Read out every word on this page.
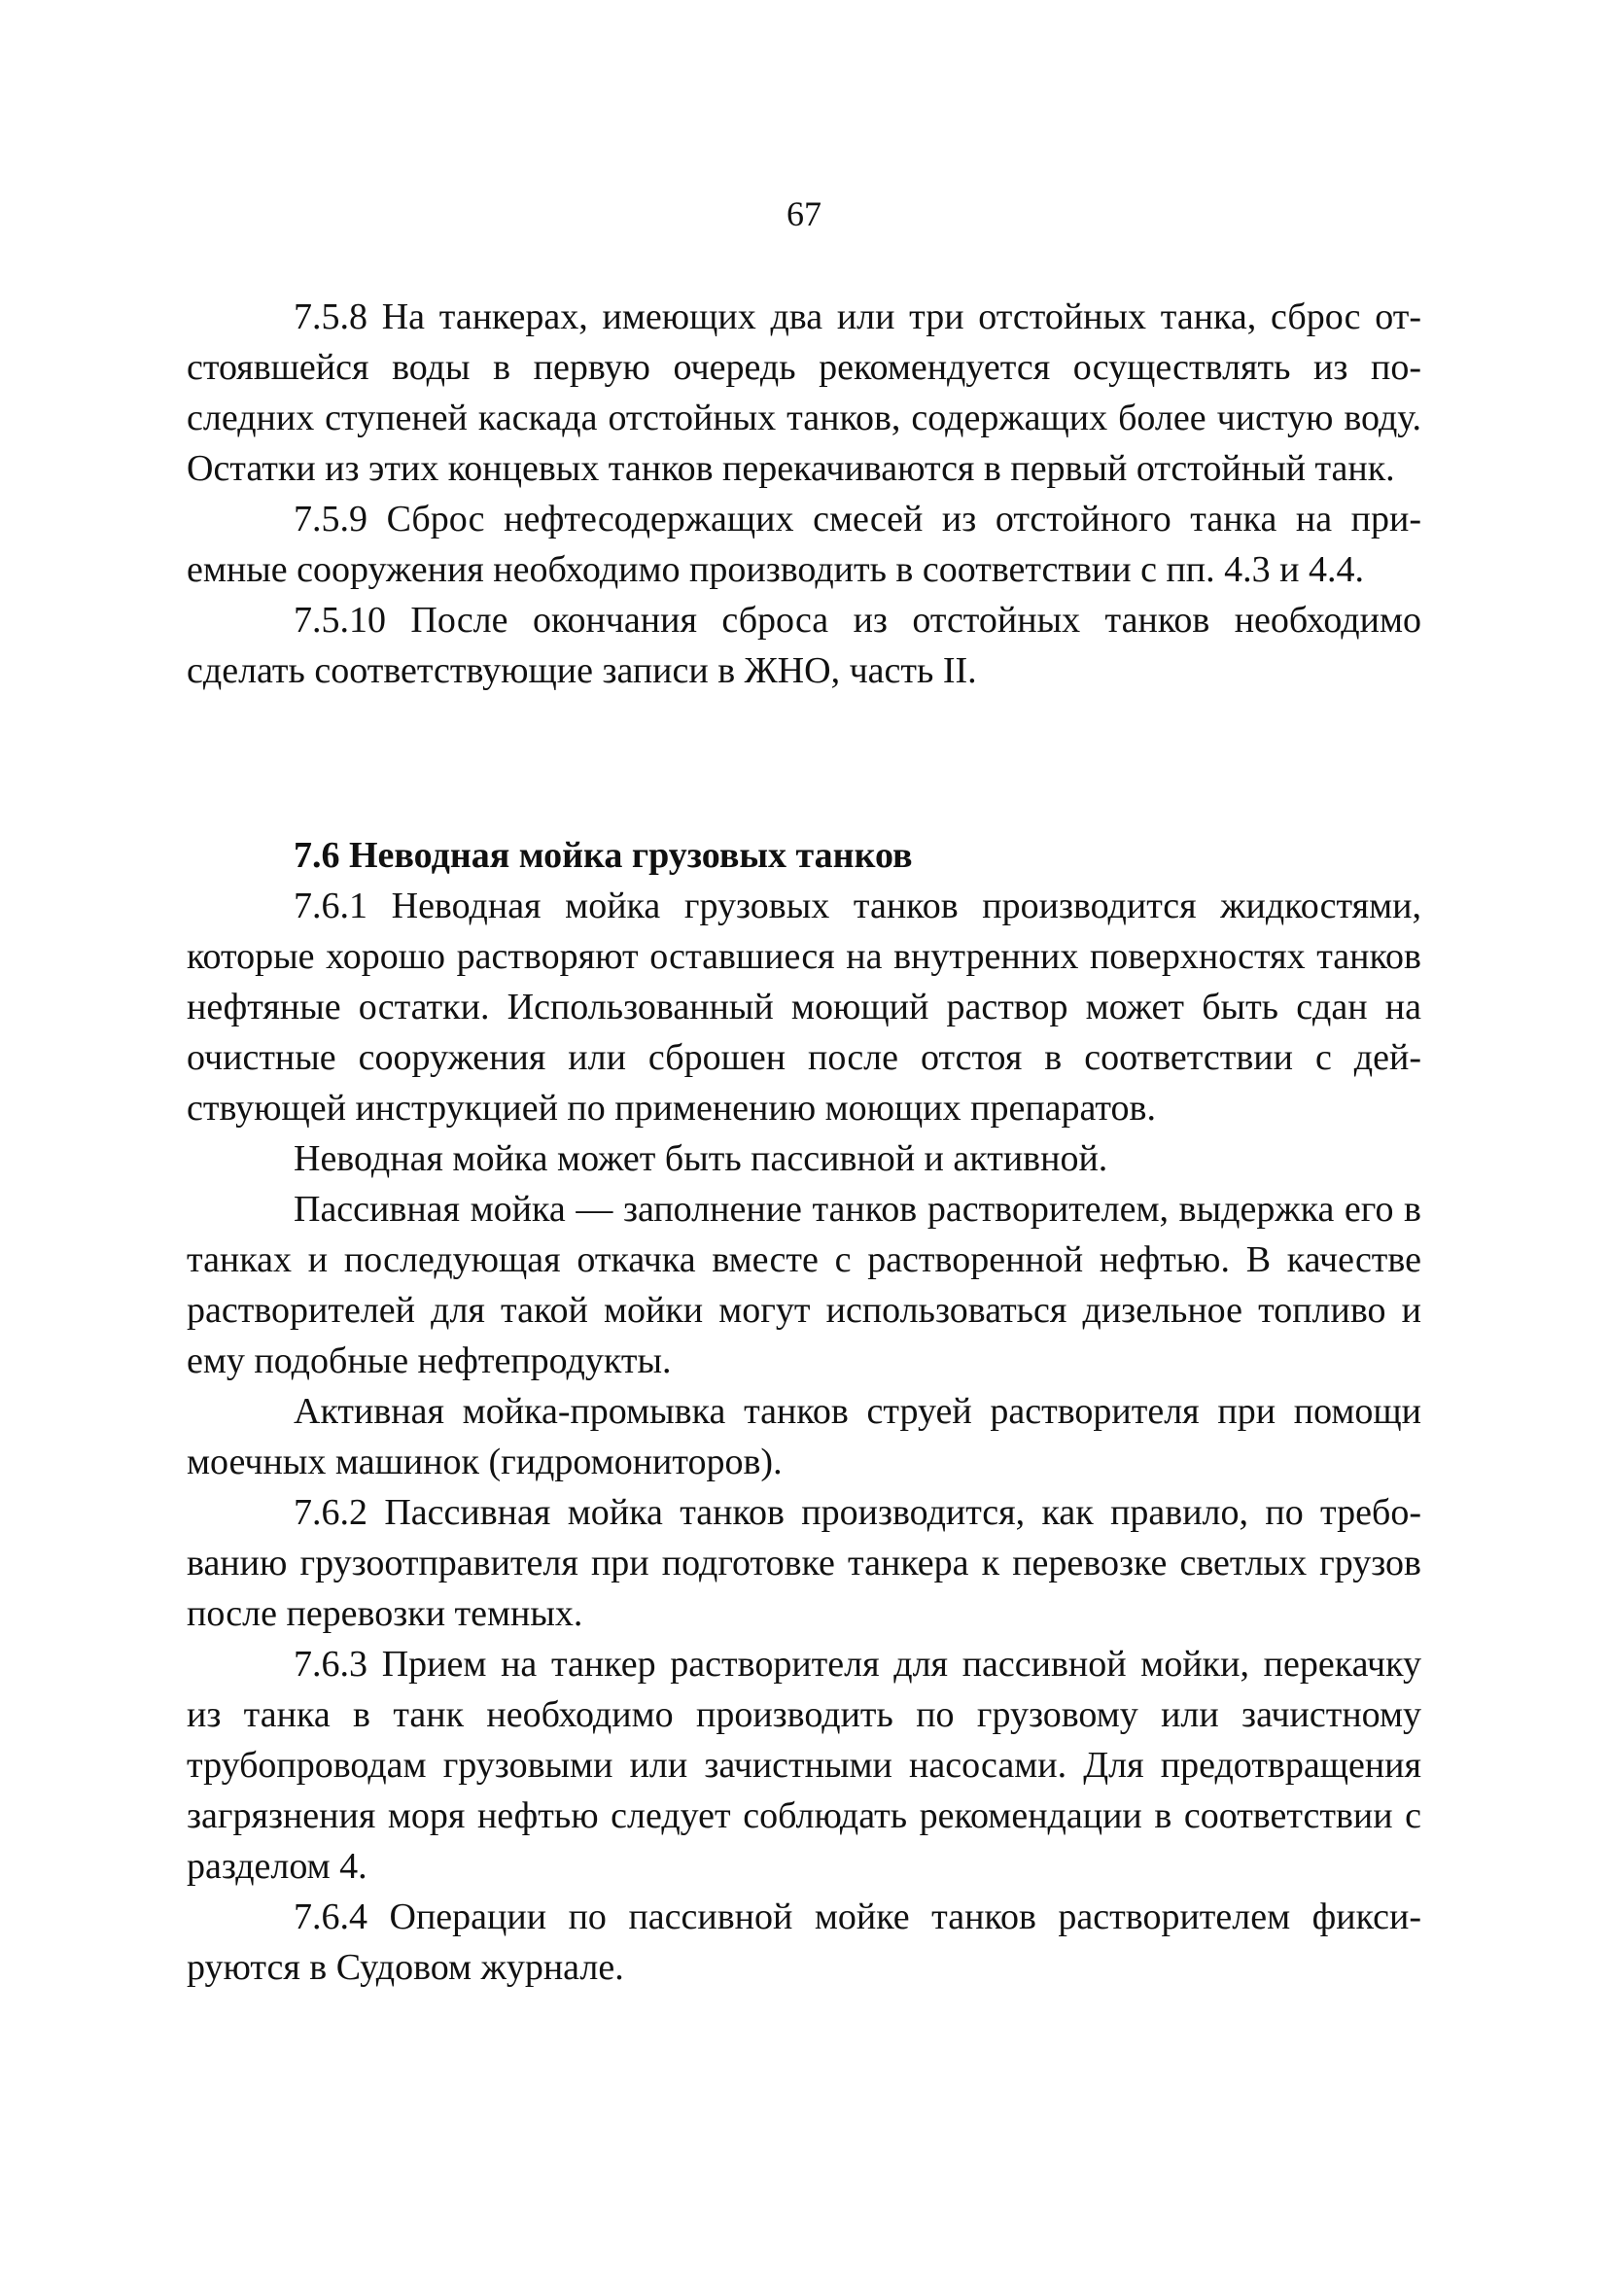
67

7.5.8 На танкерах, имеющих два или три отстойных танка, сброс отстоявшейся воды в первую очередь рекомендуется осуществлять из последних ступеней каскада отстойных танков, содержащих более чистую воду. Остатки из этих концевых танков перекачиваются в первый отстойный танк.

7.5.9 Сброс нефтесодержащих смесей из отстойного танка на приемные сооружения необходимо производить в соответствии с пп. 4.3 и 4.4.

7.5.10 После окончания сброса из отстойных танков необходимо сделать соответствующие записи в ЖНО, часть II.

7.6 Неводная мойка грузовых танков

7.6.1 Неводная мойка грузовых танков производится жидкостями, которые хорошо растворяют оставшиеся на внутренних поверхностях танков нефтяные остатки. Использованный моющий раствор может быть сдан на очистные сооружения или сброшен после отстоя в соответствии с действующей инструкцией по применению моющих препаратов.

Неводная мойка может быть пассивной и активной.

Пассивная мойка — заполнение танков растворителем, выдержка его в танках и последующая откачка вместе с растворенной нефтью. В качестве растворителей для такой мойки могут использоваться дизельное топливо и ему подобные нефтепродукты.

Активная мойка-промывка танков струей растворителя при помощи моечных машинок (гидромониторов).

7.6.2 Пассивная мойка танков производится, как правило, по требованию грузоотправителя при подготовке танкера к перевозке светлых грузов после перевозки темных.

7.6.3 Прием на танкер растворителя для пассивной мойки, перекачку из танка в танк необходимо производить по грузовому или зачистному трубопроводам грузовыми или зачистными насосами. Для предотвращения загрязнения моря нефтью следует соблюдать рекомендации в соответствии с разделом 4.

7.6.4 Операции по пассивной мойке танков растворителем фиксируются в Судовом журнале.
